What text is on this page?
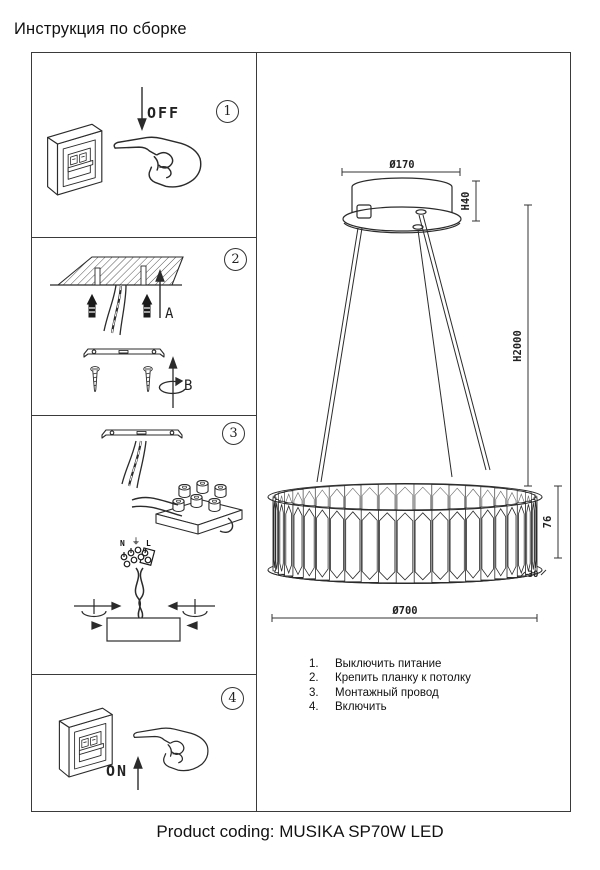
Инструкция по сборке
OFF	1
A
B
2
N ⏚ L
3
ON
4
Ø170
H40
H2000
76
30
Ø700
1.	Выключить питание
2.	Крепить планку к потолку
3.	Монтажный провод
4.	Включить
Product coding: MUSIKA SP70W LED
